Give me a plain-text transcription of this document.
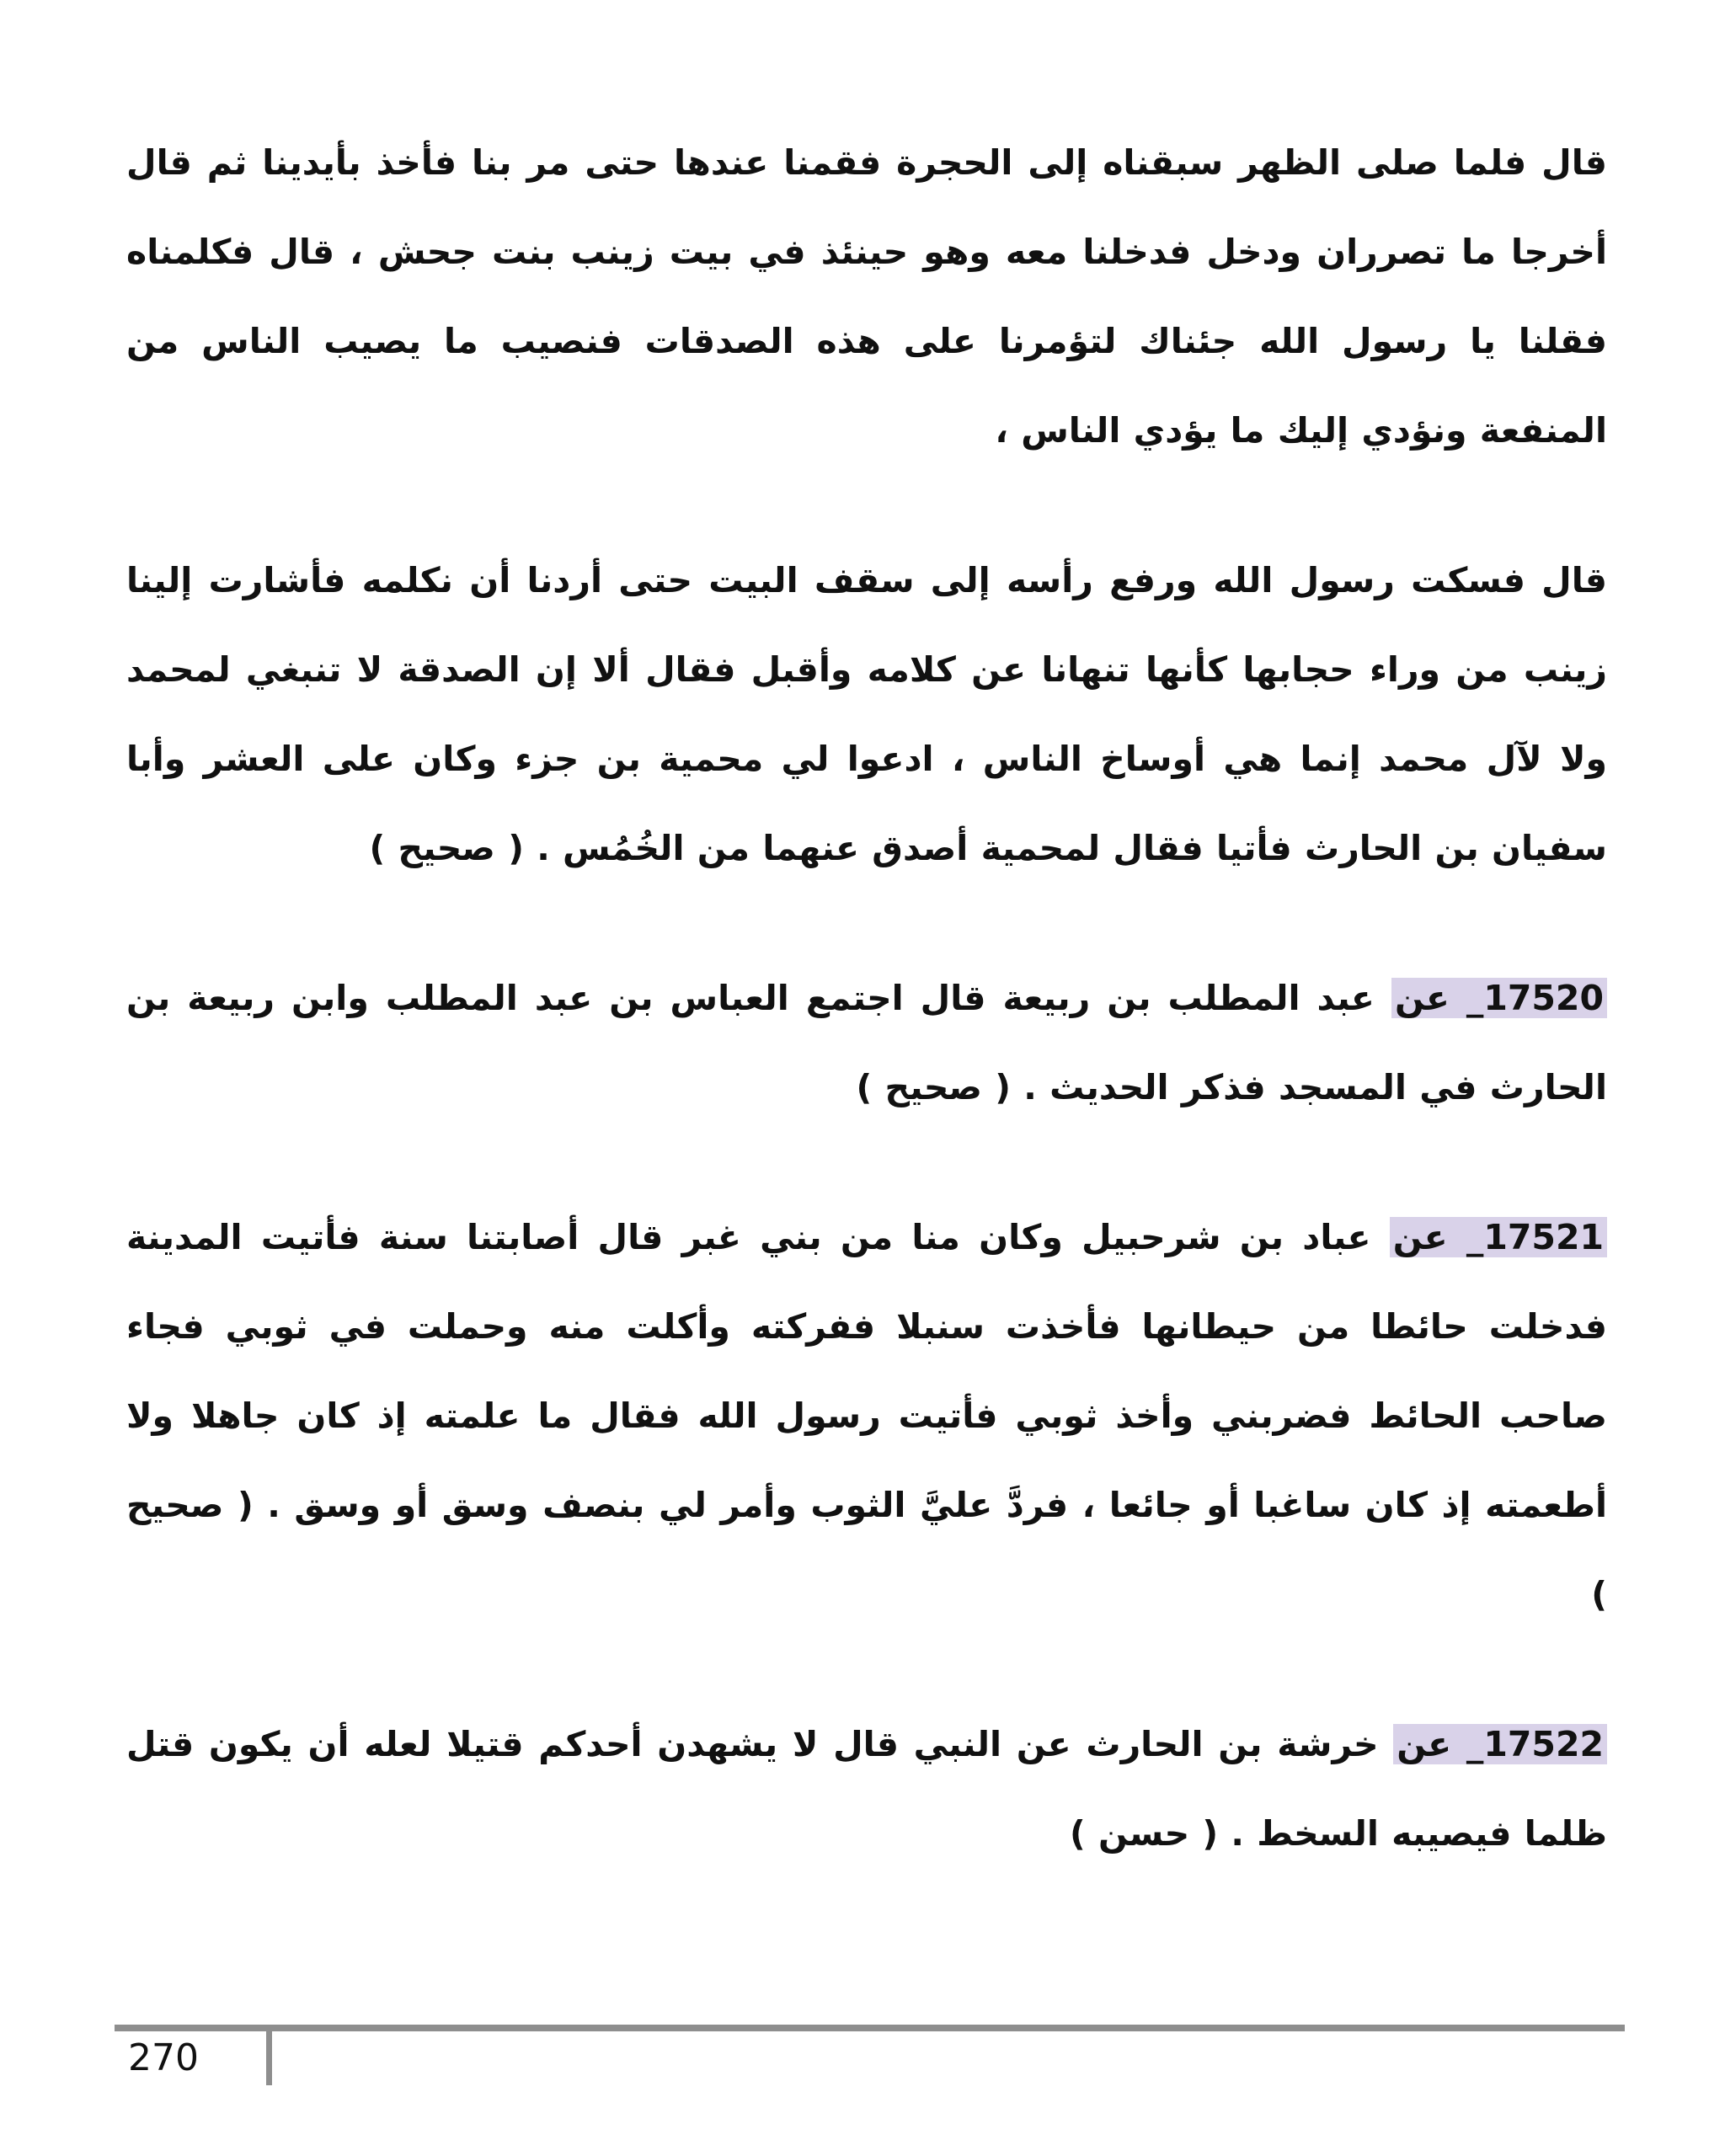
قال فلما صلى الظهر سبقناه إلى الحجرة فقمنا عندها حتى مر بنا فأخذ بأيدينا ثم قال أخرجا ما تصرران ودخل فدخلنا معه وهو حينئذ في بيت زينب بنت جحش ، قال فكلمناه فقلنا يا رسول الله جئناك لتؤمرنا على هذه الصدقات فنصيب ما يصيب الناس من المنفعة ونؤدي إليك ما يؤدي الناس ،

قال فسكت رسول الله ورفع رأسه إلى سقف البيت حتى أردنا أن نكلمه فأشارت إلينا زينب من وراء حجابها كأنها تنهانا عن كلامه وأقبل فقال ألا إن الصدقة لا تنبغي لمحمد ولا لآل محمد إنما هي أوساخ الناس ، ادعوا لي محمية بن جزء وكان على العشر وأبا سفيان بن الحارث فأتيا فقال لمحمية أصدق عنهما من الخُمُس . ( صحيح )

17520_ عن عبد المطلب بن ربيعة قال اجتمع العباس بن عبد المطلب وابن ربيعة بن الحارث في المسجد فذكر الحديث . ( صحيح )

17521_ عن عباد بن شرحبيل وكان منا من بني غبر قال أصابتنا سنة فأتيت المدينة فدخلت حائطا من حيطانها فأخذت سنبلا ففركته وأكلت منه وحملت في ثوبي فجاء صاحب الحائط فضربني وأخذ ثوبي فأتيت رسول الله فقال ما علمته إذ كان جاهلا ولا أطعمته إذ كان ساغبا أو جائعا ، فردَّ عليَّ الثوب وأمر لي بنصف وسق أو وسق . ( صحيح )

17522_ عن خرشة بن الحارث عن النبي قال لا يشهدن أحدكم قتيلا لعله أن يكون قتل ظلما فيصيبه السخط . ( حسن )

270
